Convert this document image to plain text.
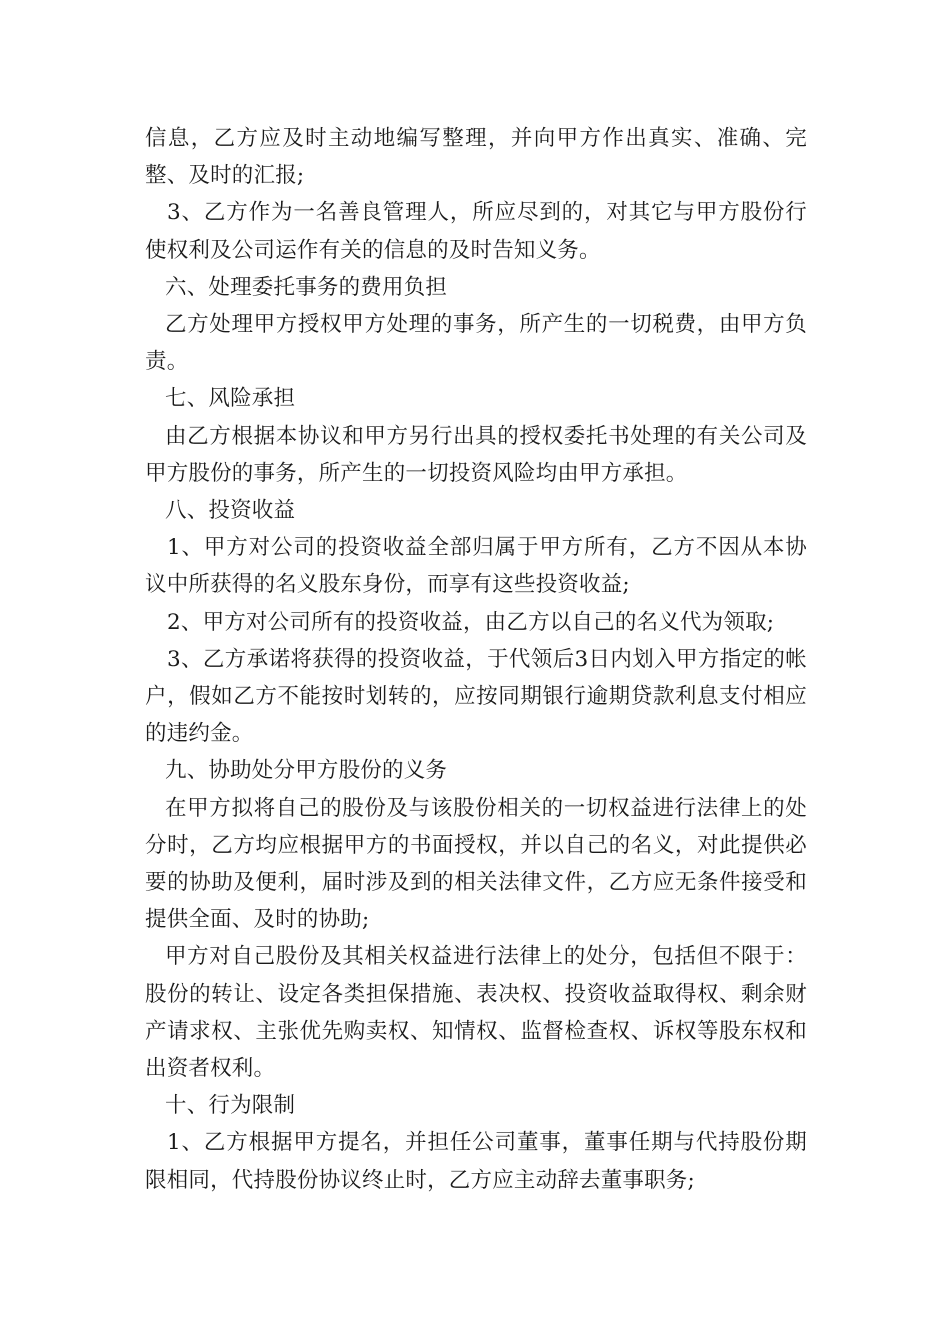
信息，乙方应及时主动地编写整理，并向甲方作出真实、准确、完整、及时的汇报;

3、乙方作为一名善良管理人，所应尽到的，对其它与甲方股份行使权利及公司运作有关的信息的及时告知义务。

六、处理委托事务的费用负担

乙方处理甲方授权甲方处理的事务，所产生的一切税费，由甲方负责。

七、风险承担

由乙方根据本协议和甲方另行出具的授权委托书处理的有关公司及甲方股份的事务，所产生的一切投资风险均由甲方承担。

八、投资收益

1、甲方对公司的投资收益全部归属于甲方所有，乙方不因从本协议中所获得的名义股东身份，而享有这些投资收益;

2、甲方对公司所有的投资收益，由乙方以自己的名义代为领取;

3、乙方承诺将获得的投资收益，于代领后3日内划入甲方指定的帐户，假如乙方不能按时划转的，应按同期银行逾期贷款利息支付相应的违约金。

九、协助处分甲方股份的义务

在甲方拟将自己的股份及与该股份相关的一切权益进行法律上的处分时，乙方均应根据甲方的书面授权，并以自己的名义，对此提供必要的协助及便利，届时涉及到的相关法律文件，乙方应无条件接受和提供全面、及时的协助;

甲方对自己股份及其相关权益进行法律上的处分，包括但不限于：股份的转让、设定各类担保措施、表决权、投资收益取得权、剩余财产请求权、主张优先购卖权、知情权、监督检查权、诉权等股东权和出资者权利。

十、行为限制

1、乙方根据甲方提名，并担任公司董事，董事任期与代持股份期限相同，代持股份协议终止时，乙方应主动辞去董事职务;
